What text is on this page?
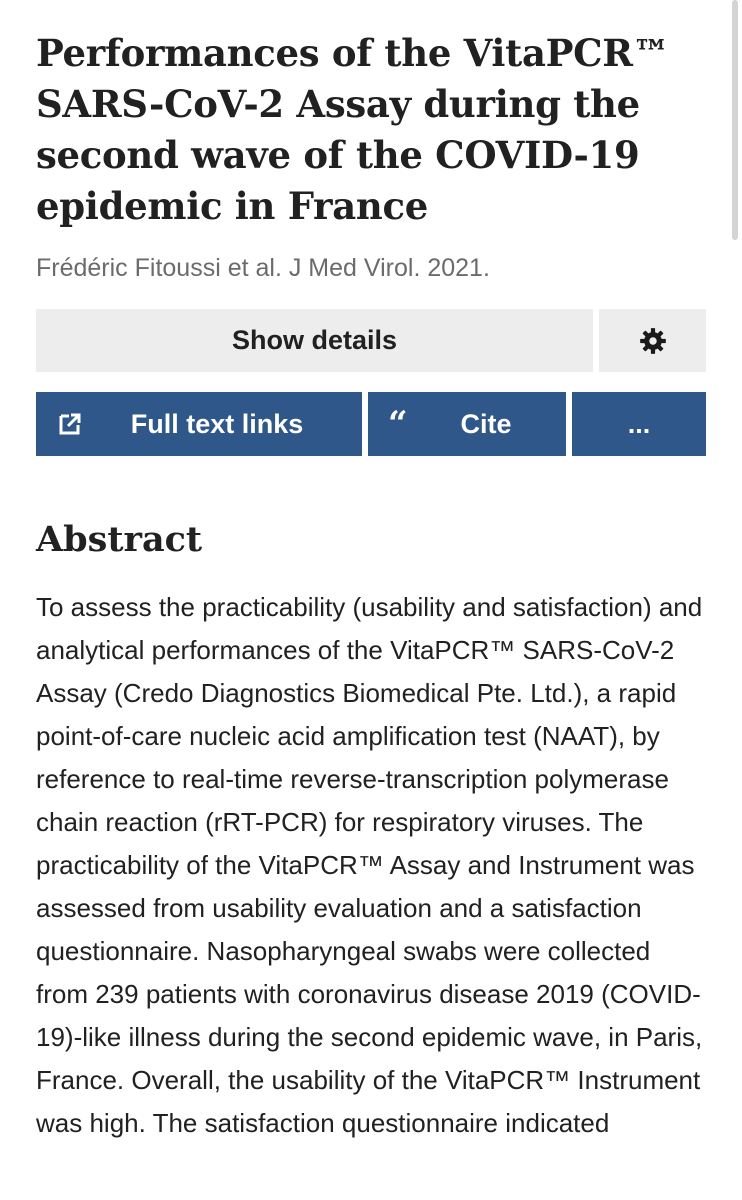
Performances of the VitaPCR™ SARS-CoV-2 Assay during the second wave of the COVID-19 epidemic in France

Frédéric Fitoussi et al. J Med Virol. 2021.

Show details
Full text links “ Cite	...
Abstract

To assess the practicability (usability and satisfaction) and analytical performances of the VitaPCR™ SARS-CoV-2 Assay (Credo Diagnostics Biomedical Pte. Ltd.), a rapid point-of-care nucleic acid amplification test (NAAT), by reference to real-time reverse-transcription polymerase chain reaction (rRT-PCR) for respiratory viruses. The practicability of the VitaPCR™ Assay and Instrument was assessed from usability evaluation and a satisfaction questionnaire. Nasopharyngeal swabs were collected from 239 patients with coronavirus disease 2019 (COVID-19)-like illness during the second epidemic wave, in Paris, France. Overall, the usability of the VitaPCR™ Instrument was high. The satisfaction questionnaire indicated
